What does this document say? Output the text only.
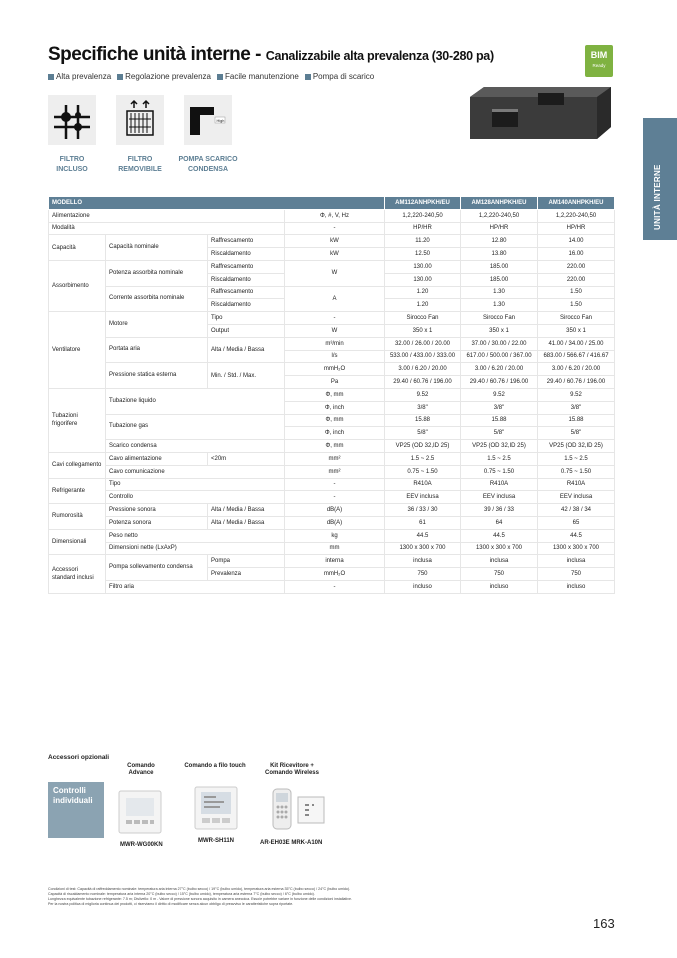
Specifiche unità interne - Canalizzabile alta prevalenza (30-280 pa)
Alta prevalenza Regolazione prevalenza Facile manutenzione Pompa di scarico
BIM
Ready
High
FILTRO
INCLUSO
FILTRO
REMOVIBILE
POMPA SCARICO
CONDENSA	UNITÀ INTERNE
MODELLO				AM112ANHPKH/EU	AM128ANHPKH/EU	AM140ANHPKH/EU
Alimentazione			Φ, #, V, Hz	1,2,220-240,50	1,2,220-240,50	1,2,220-240,50
Modalità			-	HP/HR	HP/HR	HP/HR
Capacità	Capacità nominale	Raffrescamento	kW	11.20	12.80	14.00
		Riscaldamento	kW	12.50	13.80	16.00
Assorbimento	Potenza assorbita nominale	Raffrescamento	W	130.00	185.00	220.00
		Riscaldamento		130.00	185.00	220.00
	Corrente assorbita nominale	Raffrescamento	A	1.20	1.30	1.50
		Riscaldamento		1.20	1.30	1.50
Ventilatore	Motore	Tipo	-	Sirocco Fan	Sirocco Fan	Sirocco Fan
		Output	W	350 x 1	350 x 1	350 x 1
	Portata aria	Alta / Media / Bassa	m³/min	32.00 / 26.00 / 20.00	37.00 / 30.00 / 22.00	41.00 / 34.00 / 25.00
			l/s	533.00 / 433.00 / 333.00	617.00 / 500.00 / 367.00	683.00 / 566.67 / 416.67
	Pressione statica esterna	Min. / Std. / Max.	mmH₂O	3.00 / 6.20 / 20.00	3.00 / 6.20 / 20.00	3.00 / 6.20 / 20.00
			Pa	29.40 / 60.76 / 196.00	29.40 / 60.76 / 196.00	29.40 / 60.76 / 196.00
Tubazioni frigorifere	Tubazione liquido		Φ, mm	9.52	9.52	9.52
			Φ, inch	3/8"	3/8"	3/8"
	Tubazione gas		Φ, mm	15.88	15.88	15.88
			Φ, inch	5/8"	5/8"	5/8"
	Scarico condensa		Φ, mm	VP25 (OD 32,ID 25)	VP25 (OD 32,ID 25)	VP25 (OD 32,ID 25)
Cavi collegamento	Cavo alimentazione	<20m	mm²	1.5 ~ 2.5	1.5 ~ 2.5	1.5 ~ 2.5
	Cavo comunicazione		mm²	0.75 ~ 1.50	0.75 ~ 1.50	0.75 ~ 1.50
Refrigerante	Tipo		-	R410A	R410A	R410A
	Controllo		-	EEV inclusa	EEV inclusa	EEV inclusa
Rumorosità	Pressione sonora	Alta / Media / Bassa	dB(A)	36 / 33 / 30	39 / 36 / 33	42 / 38 / 34
	Potenza sonora	Alta / Media / Bassa	dB(A)	61	64	65
Dimensionali	Peso netto		kg	44.5	44.5	44.5
	Dimensioni nette (LxAxP)		mm	1300 x 300 x 700	1300 x 300 x 700	1300 x 300 x 700
Accessori standard inclusi	Pompa sollevamento condensa	Pompa	interna	inclusa	inclusa	inclusa
		Prevalenza	mmH₂O	750	750	750
	Filtro aria		-	incluso	incluso	incluso
Accessori opzionali
Controlli individuali
Comando
Advance
Comando a filo touch	Kit Ricevitore +
Comando Wireless
MWR-WG00KN
MWR-SH11N	AR-EH03E MRK-A10N
Condizioni di test: Capacità di raffreddamento nominale: temperatura aria interna 27°C (bulbo secco) / 19°C (bulbo umido), temperatura aria esterna 35°C (bulbo secco) / 24°C (bulbo umido).
Capacità di riscaldamento nominale: temperatura aria interna 20°C (bulbo secco) / 15°C (bulbo umido), temperatura aria esterna 7°C (bulbo secco) / 6°C (bulbo umido).
Lunghezza equivalente tubazione refrigerante: 7.5 m; Dislivello: 0 m - Valore di pressione sonora acquisito in camera anecoica. Esso/e potrebbe variare in funzione delle condizioni installative.
Per la nostra politica di miglioria continua dei prodotti, ci riserviamo il diritto di modificare senza alcun obbligo di preavviso le caratteristiche sopra riportate.
163
